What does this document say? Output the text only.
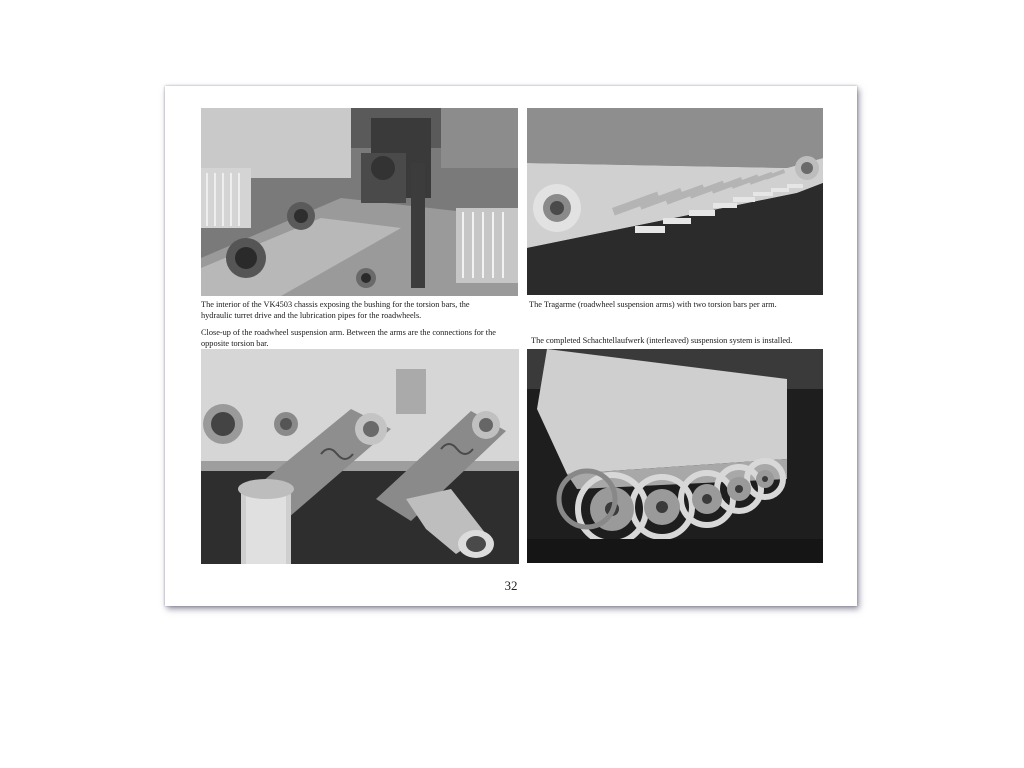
The interior of the VK4503 chassis exposing the bushing for the torsion bars, the hydraulic turret drive and the lubrication pipes for the roadwheels.

The Tragarme (roadwheel suspension arms) with two torsion bars per arm.

Close-up of the roadwheel suspension arm. Between the arms are the connections for the opposite torsion bar.	The completed Schachtellaufwerk (interleaved) suspension system is installed.

32
